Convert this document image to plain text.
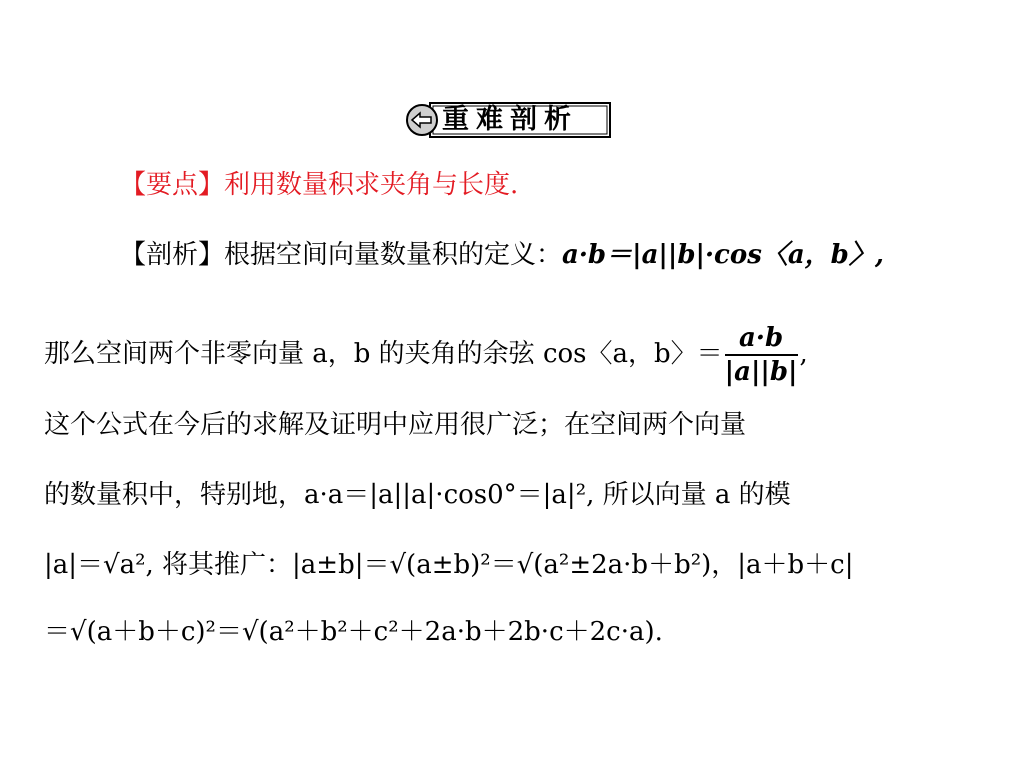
重难剖析
【要点】利用数量积求夹角与长度.
【剖析】根据空间向量数量积的定义：a·b＝|a||b|·cos〈a，b〉,
那么空间两个非零向量 a，b 的夹角的余弦 cos〈a，b〉＝ $\frac{a\cdot b}{|a||b|}$ ,
这个公式在今后的求解及证明中应用很广泛；在空间两个向量
的数量积中，特别地，a·a＝|a||a|·cos0°＝|a|², 所以向量 a 的模
|a|＝√a², 将其推广：|a±b|＝√(a±b)²＝√(a²±2a·b＋b²)，|a＋b＋c|
＝√(a＋b＋c)²＝√(a²＋b²＋c²＋2a·b＋2b·c＋2c·a).
